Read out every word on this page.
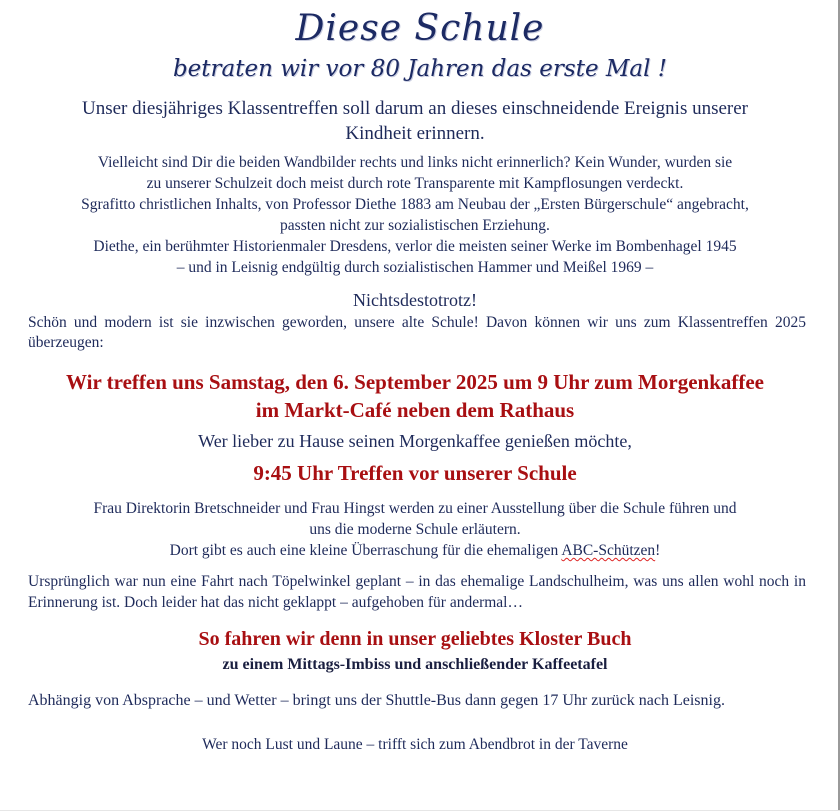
Diese Schule
betraten wir vor 80 Jahren das erste Mal !
Unser diesjähriges Klassentreffen soll darum an dieses einschneidende Ereignis unserer
Kindheit erinnern.
Vielleicht sind Dir die beiden Wandbilder rechts und links nicht erinnerlich? Kein Wunder, wurden sie
zu unserer Schulzeit doch meist durch rote Transparente mit Kampflosungen verdeckt.
Sgrafitto christlichen Inhalts, von Professor Diethe 1883 am Neubau der „Ersten Bürgerschule“ angebracht,
passten nicht zur sozialistischen Erziehung.
Diethe, ein berühmter Historienmaler Dresdens, verlor die meisten seiner Werke im Bombenhagel 1945
– und in Leisnig endgültig durch sozialistischen Hammer und Meißel 1969 –
Nichtsdestotrotz!
Schön und modern ist sie inzwischen geworden, unsere alte Schule! Davon können wir uns zum Klassentreffen 2025 überzeugen:
Wir treffen uns Samstag, den 6. September 2025 um 9 Uhr zum Morgenkaffee
im Markt-Café neben dem Rathaus
Wer lieber zu Hause seinen Morgenkaffee genießen möchte,
9:45 Uhr Treffen vor unserer Schule
Frau Direktorin Bretschneider und Frau Hingst werden zu einer Ausstellung über die Schule führen und
uns die moderne Schule erläutern.
Dort gibt es auch eine kleine Überraschung für die ehemaligen ABC-Schützen!
Ursprünglich war nun eine Fahrt nach Töpelwinkel geplant – in das ehemalige Landschulheim, was uns allen wohl noch in Erinnerung ist. Doch leider hat das nicht geklappt – aufgehoben für andermal…
So fahren wir denn in unser geliebtes Kloster Buch
zu einem Mittags-Imbiss und anschließender Kaffeetafel
Abhängig von Absprache – und Wetter – bringt uns der Shuttle-Bus dann gegen 17 Uhr zurück nach Leisnig.
Wer noch Lust und Laune – trifft sich zum Abendbrot in der Taverne
